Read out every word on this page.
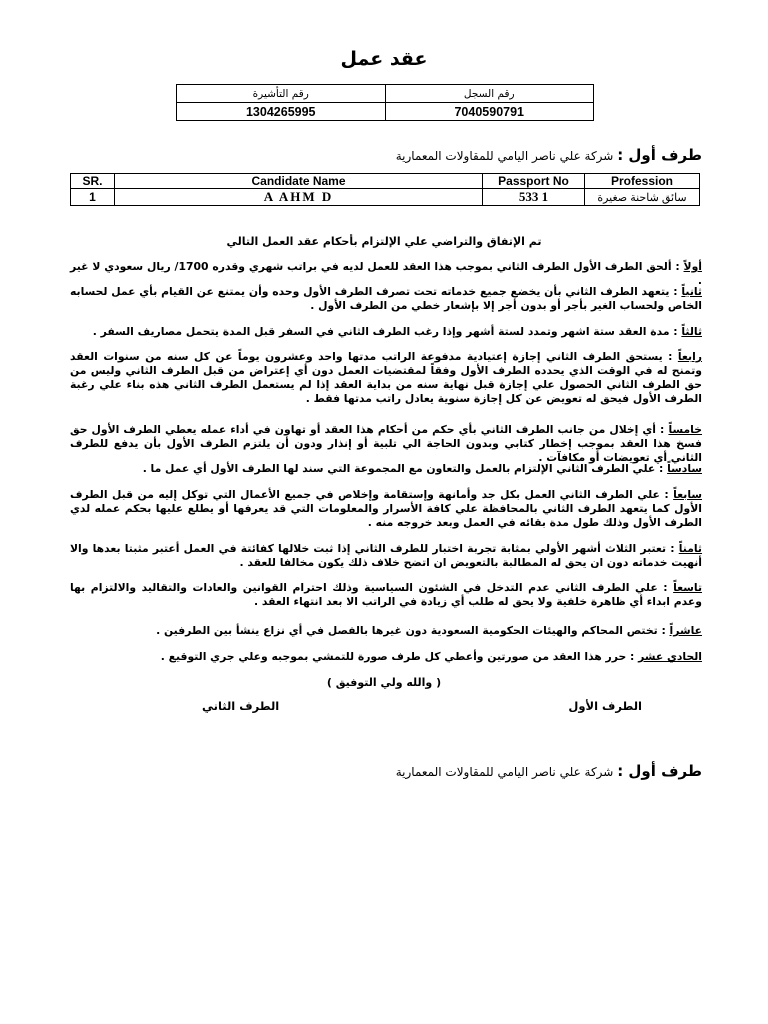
عقد عمل
رقم السجل	رقم التأشيرة
7040590791	1304265995
طرف أول : شركة علي ناصر اليامي للمقاولات المعمارية
SR.	Candidate Name	Passport No	Profession
1	A AHM D	533 1	سائق شاحنة صغيرة
تم الإتفاق والتراضي علي الإلتزام بأحكام عقد العمل التالي
أولاً : ألحق الطرف الأول الطرف الثاني بموجب هذا العقد للعمل لديه في براتب شهري وقدره 1700/ ريال سعودي لا غير .
ثانياً : يتعهد الطرف الثاني بأن يخضع جميع خدماته تحت تصرف الطرف الأول وحده وأن يمتنع عن القيام بأي عمل لحسابه الخاص ولحساب الغير بأجر أو بدون أجر إلا بإشعار خطي من الطرف الأول .
ثالثاً : مدة العقد ستة اشهر وتمدد لستة أشهر وإذا رغب الطرف الثاني في السفر قبل المدة يتحمل مصاريف السفر .
رابعاً : يستحق الطرف الثاني إجازة إعتيادية مدفوعة الراتب مدتها واحد وعشرون يوماً عن كل سنه من سنوات العقد وتمنح له في الوقت الذي يحدده الطرف الأول وفقاً لمقتضيات العمل دون أي إعتراض من قبل الطرف الثاني وليس من حق الطرف الثاني الحصول علي إجازة قبل نهاية سنه من بداية العقد إذا لم يستعمل الطرف الثاني هذه بناء علي رغبة الطرف الأول فيحق له تعويض عن كل إجازة سنوية يعادل راتب مدتها فقط .
خامساً : أي إخلال من جانب الطرف الثاني بأي حكم من أحكام هذا العقد أو تهاون في أداء عمله يعطي الطرف الأول حق فسخ هذا العقد بموجب إخطار كتابي وبدون الحاجة الي تلبية أو إنذار ودون أن يلتزم الطرف الأول بأن يدفع للطرف الثاني أي تعويضات أو مكافآت .
سادساً : علي الطرف الثاني الإلتزام بالعمل والتعاون مع المجموعة التي سند لها الطرف الأول أي عمل ما .
سابعاً : علي الطرف الثاني العمل بكل جد وأمانهة وإستقامة وإخلاص في جميع الأعمال التي توكل إليه من قبل الطرف الأول كما يتعهد الطرف الثاني بالمحافظة علي كافة الأسرار والمعلومات التي قد يعرفها أو يطلع عليها بحكم عمله لدي الطرف الأول وذلك طول مدة بقائه في العمل وبعد خروجه منه .
ثامناً : تعتبر الثلاث أشهر الأولي بمثابة تجربة اختبار للطرف الثاني إذا ثبت خلالها كفائتة في العمل أعتبر مثبتا بعدها والا أنهيت خدماته دون ان يحق له المطالبة بالتعويض ان اتضح خلاف ذلك يكون مخالفا للعقد .
تاسعاً : علي الطرف الثاني عدم التدخل في الشئون السياسية وذلك احترام القوانين والعادات والتقاليد والالتزام بها وعدم ابداء أي ظاهرة خلفية ولا يحق له طلب أي زيادة في الراتب الا بعد انتهاء العقد .
عاشراً : تختص المحاكم والهيئات الحكومية السعودية دون غيرها بالفصل في أي نزاع ينشأ بين الطرفين .
الحادي عشر : حرر هذا العقد من صورتين وأعطي كل طرف صورة للتمشي بموجبه وعلي جري التوقيع .
( والله ولي التوفيق )
الطرف الأول
الطرف الثاني
طرف أول : شركة علي ناصر اليامي للمقاولات المعمارية
